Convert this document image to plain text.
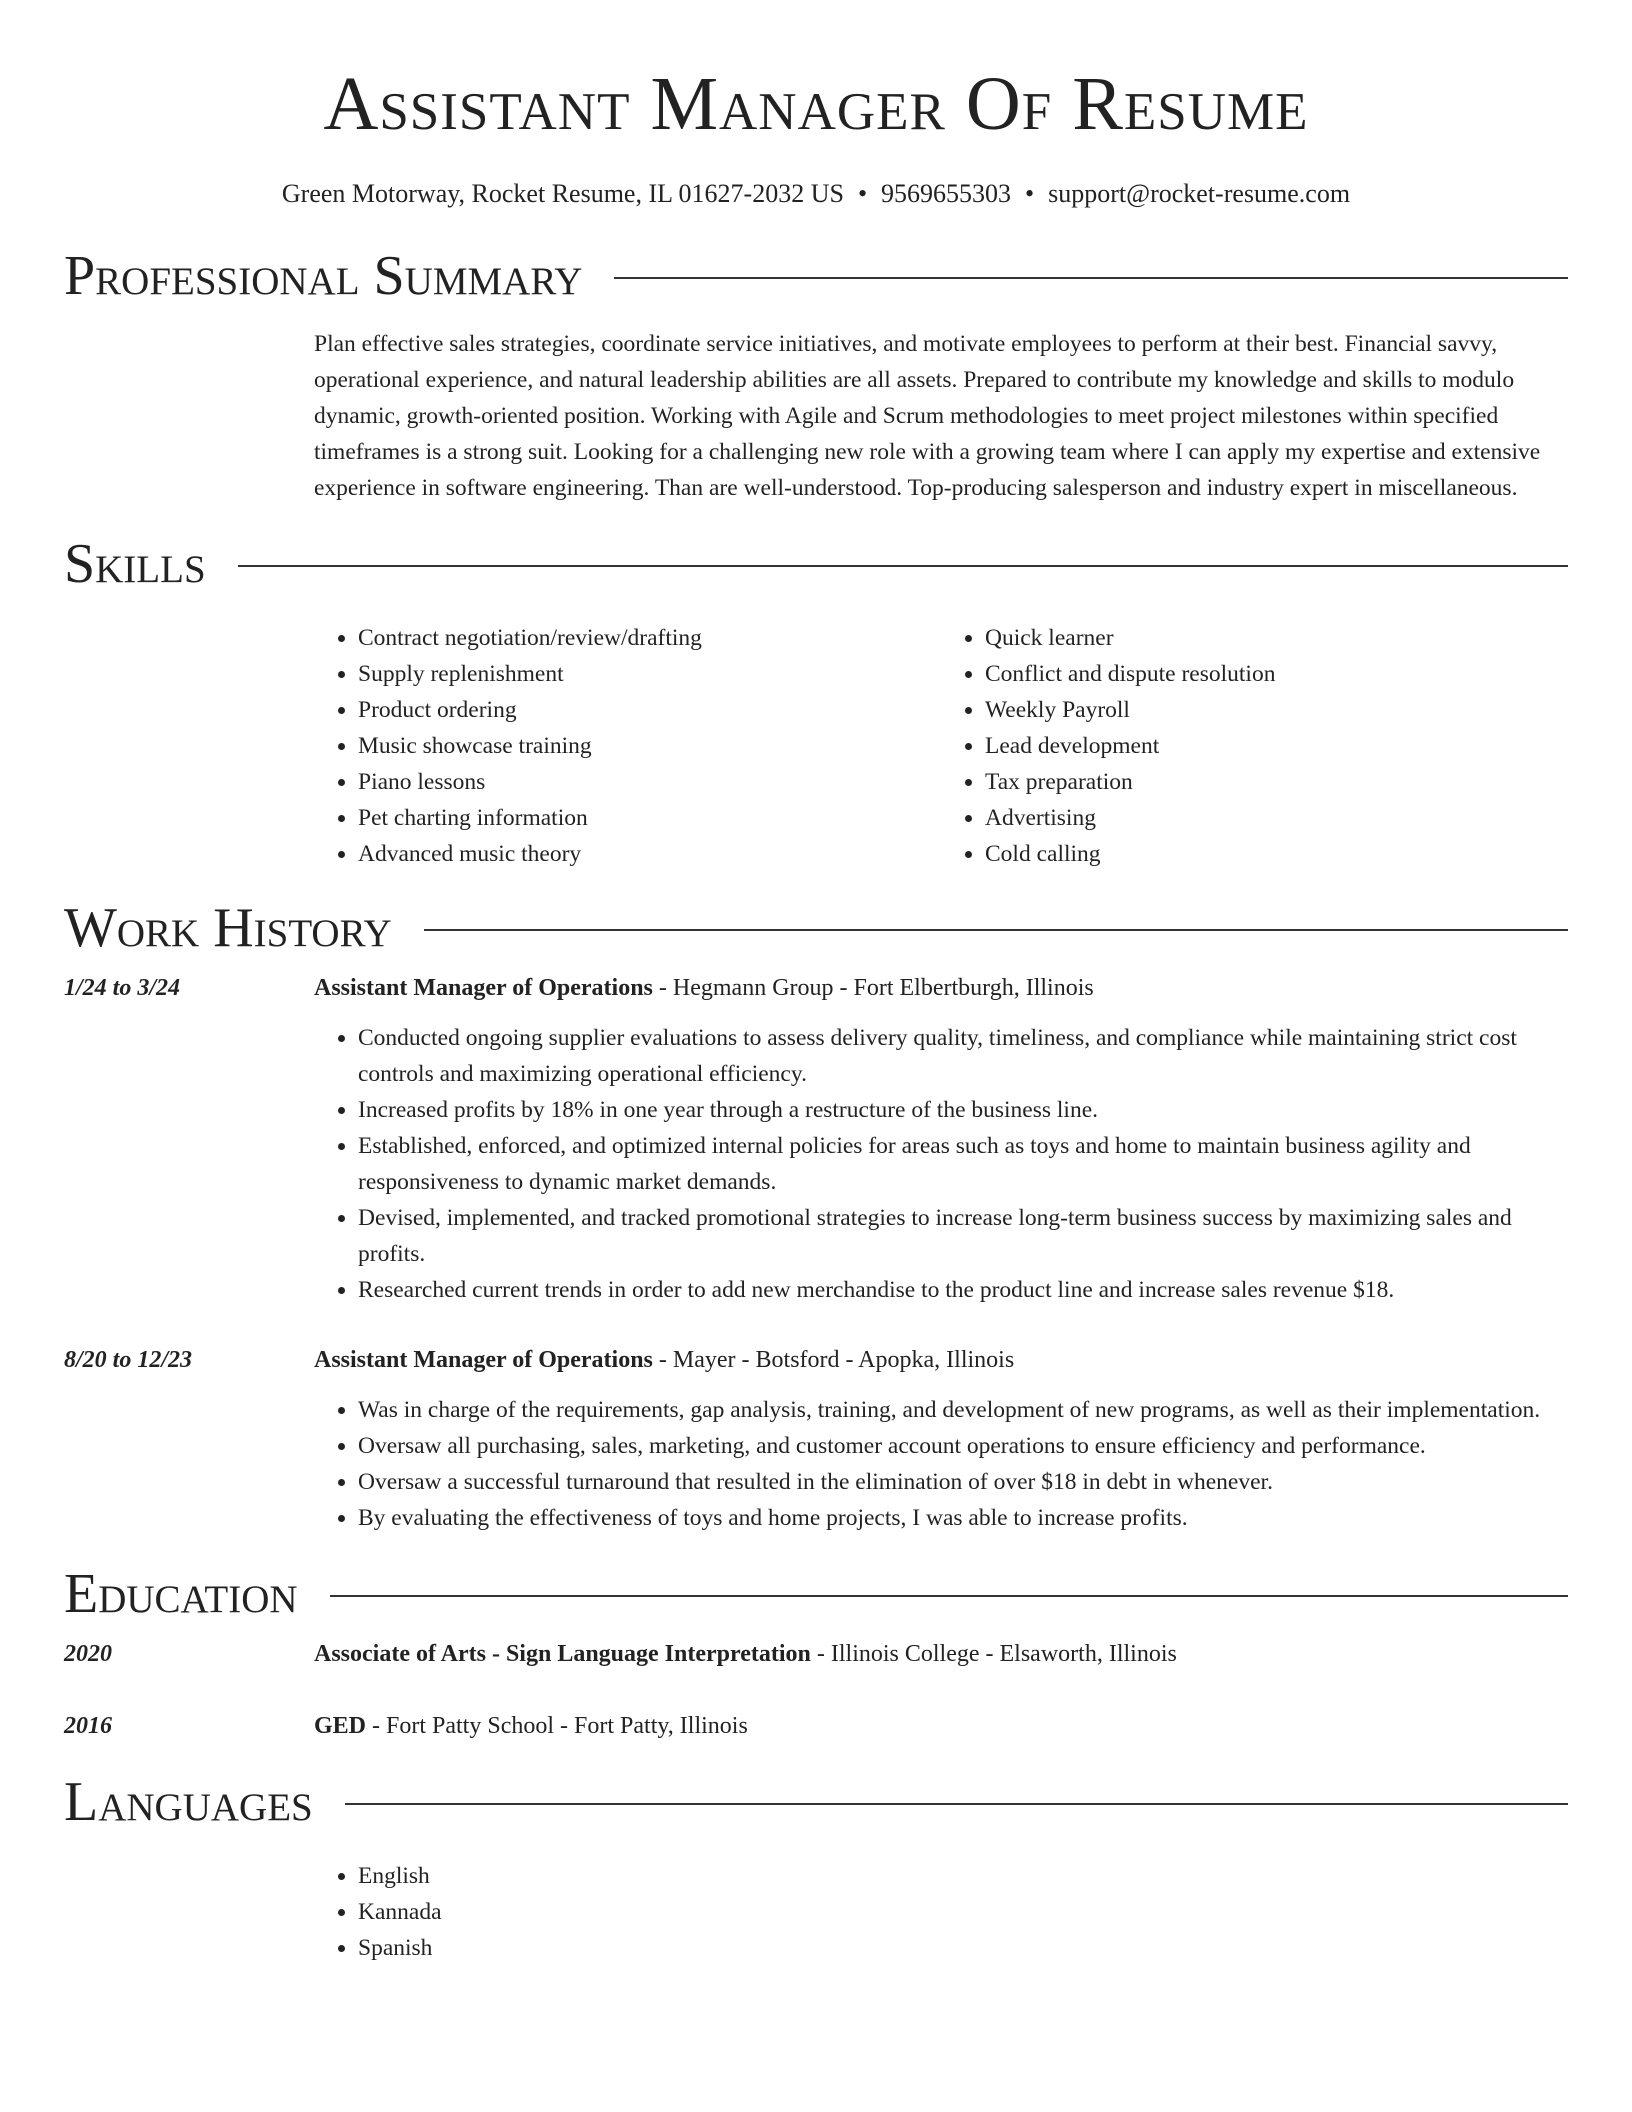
Assistant Manager Of Resume
Green Motorway, Rocket Resume, IL 01627-2032 US • 9569655303 • support@rocket-resume.com
Professional Summary

Plan effective sales strategies, coordinate service initiatives, and motivate employees to perform at their best. Financial savvy, operational experience, and natural leadership abilities are all assets. Prepared to contribute my knowledge and skills to modulo dynamic, growth-oriented position. Working with Agile and Scrum methodologies to meet project milestones within specified timeframes is a strong suit. Looking for a challenging new role with a growing team where I can apply my expertise and extensive experience in software engineering. Than are well-understood. Top-producing salesperson and industry expert in miscellaneous.

Skills
• Contract negotiation/review/drafting
• Supply replenishment
• Product ordering
• Music showcase training
• Piano lessons
• Pet charting information
• Advanced music theory
• Quick learner
• Conflict and dispute resolution
• Weekly Payroll
• Lead development
• Tax preparation
• Advertising
• Cold calling
Work History
1/24 to 3/24	Assistant Manager of Operations - Hegmann Group - Fort Elbertburgh, Illinois
• Conducted ongoing supplier evaluations to assess delivery quality, timeliness, and compliance while maintaining strict cost controls and maximizing operational efficiency.
• Increased profits by 18% in one year through a restructure of the business line.
• Established, enforced, and optimized internal policies for areas such as toys and home to maintain business agility and responsiveness to dynamic market demands.
• Devised, implemented, and tracked promotional strategies to increase long-term business success by maximizing sales and profits.
• Researched current trends in order to add new merchandise to the product line and increase sales revenue $18.
8/20 to 12/23	Assistant Manager of Operations - Mayer - Botsford - Apopka, Illinois
• Was in charge of the requirements, gap analysis, training, and development of new programs, as well as their implementation.
• Oversaw all purchasing, sales, marketing, and customer account operations to ensure efficiency and performance.
• Oversaw a successful turnaround that resulted in the elimination of over $18 in debt in whenever.
• By evaluating the effectiveness of toys and home projects, I was able to increase profits.
Education
2020	Associate of Arts - Sign Language Interpretation - Illinois College - Elsaworth, Illinois
2016	GED - Fort Patty School - Fort Patty, Illinois
Languages
• English
• Kannada
• Spanish
